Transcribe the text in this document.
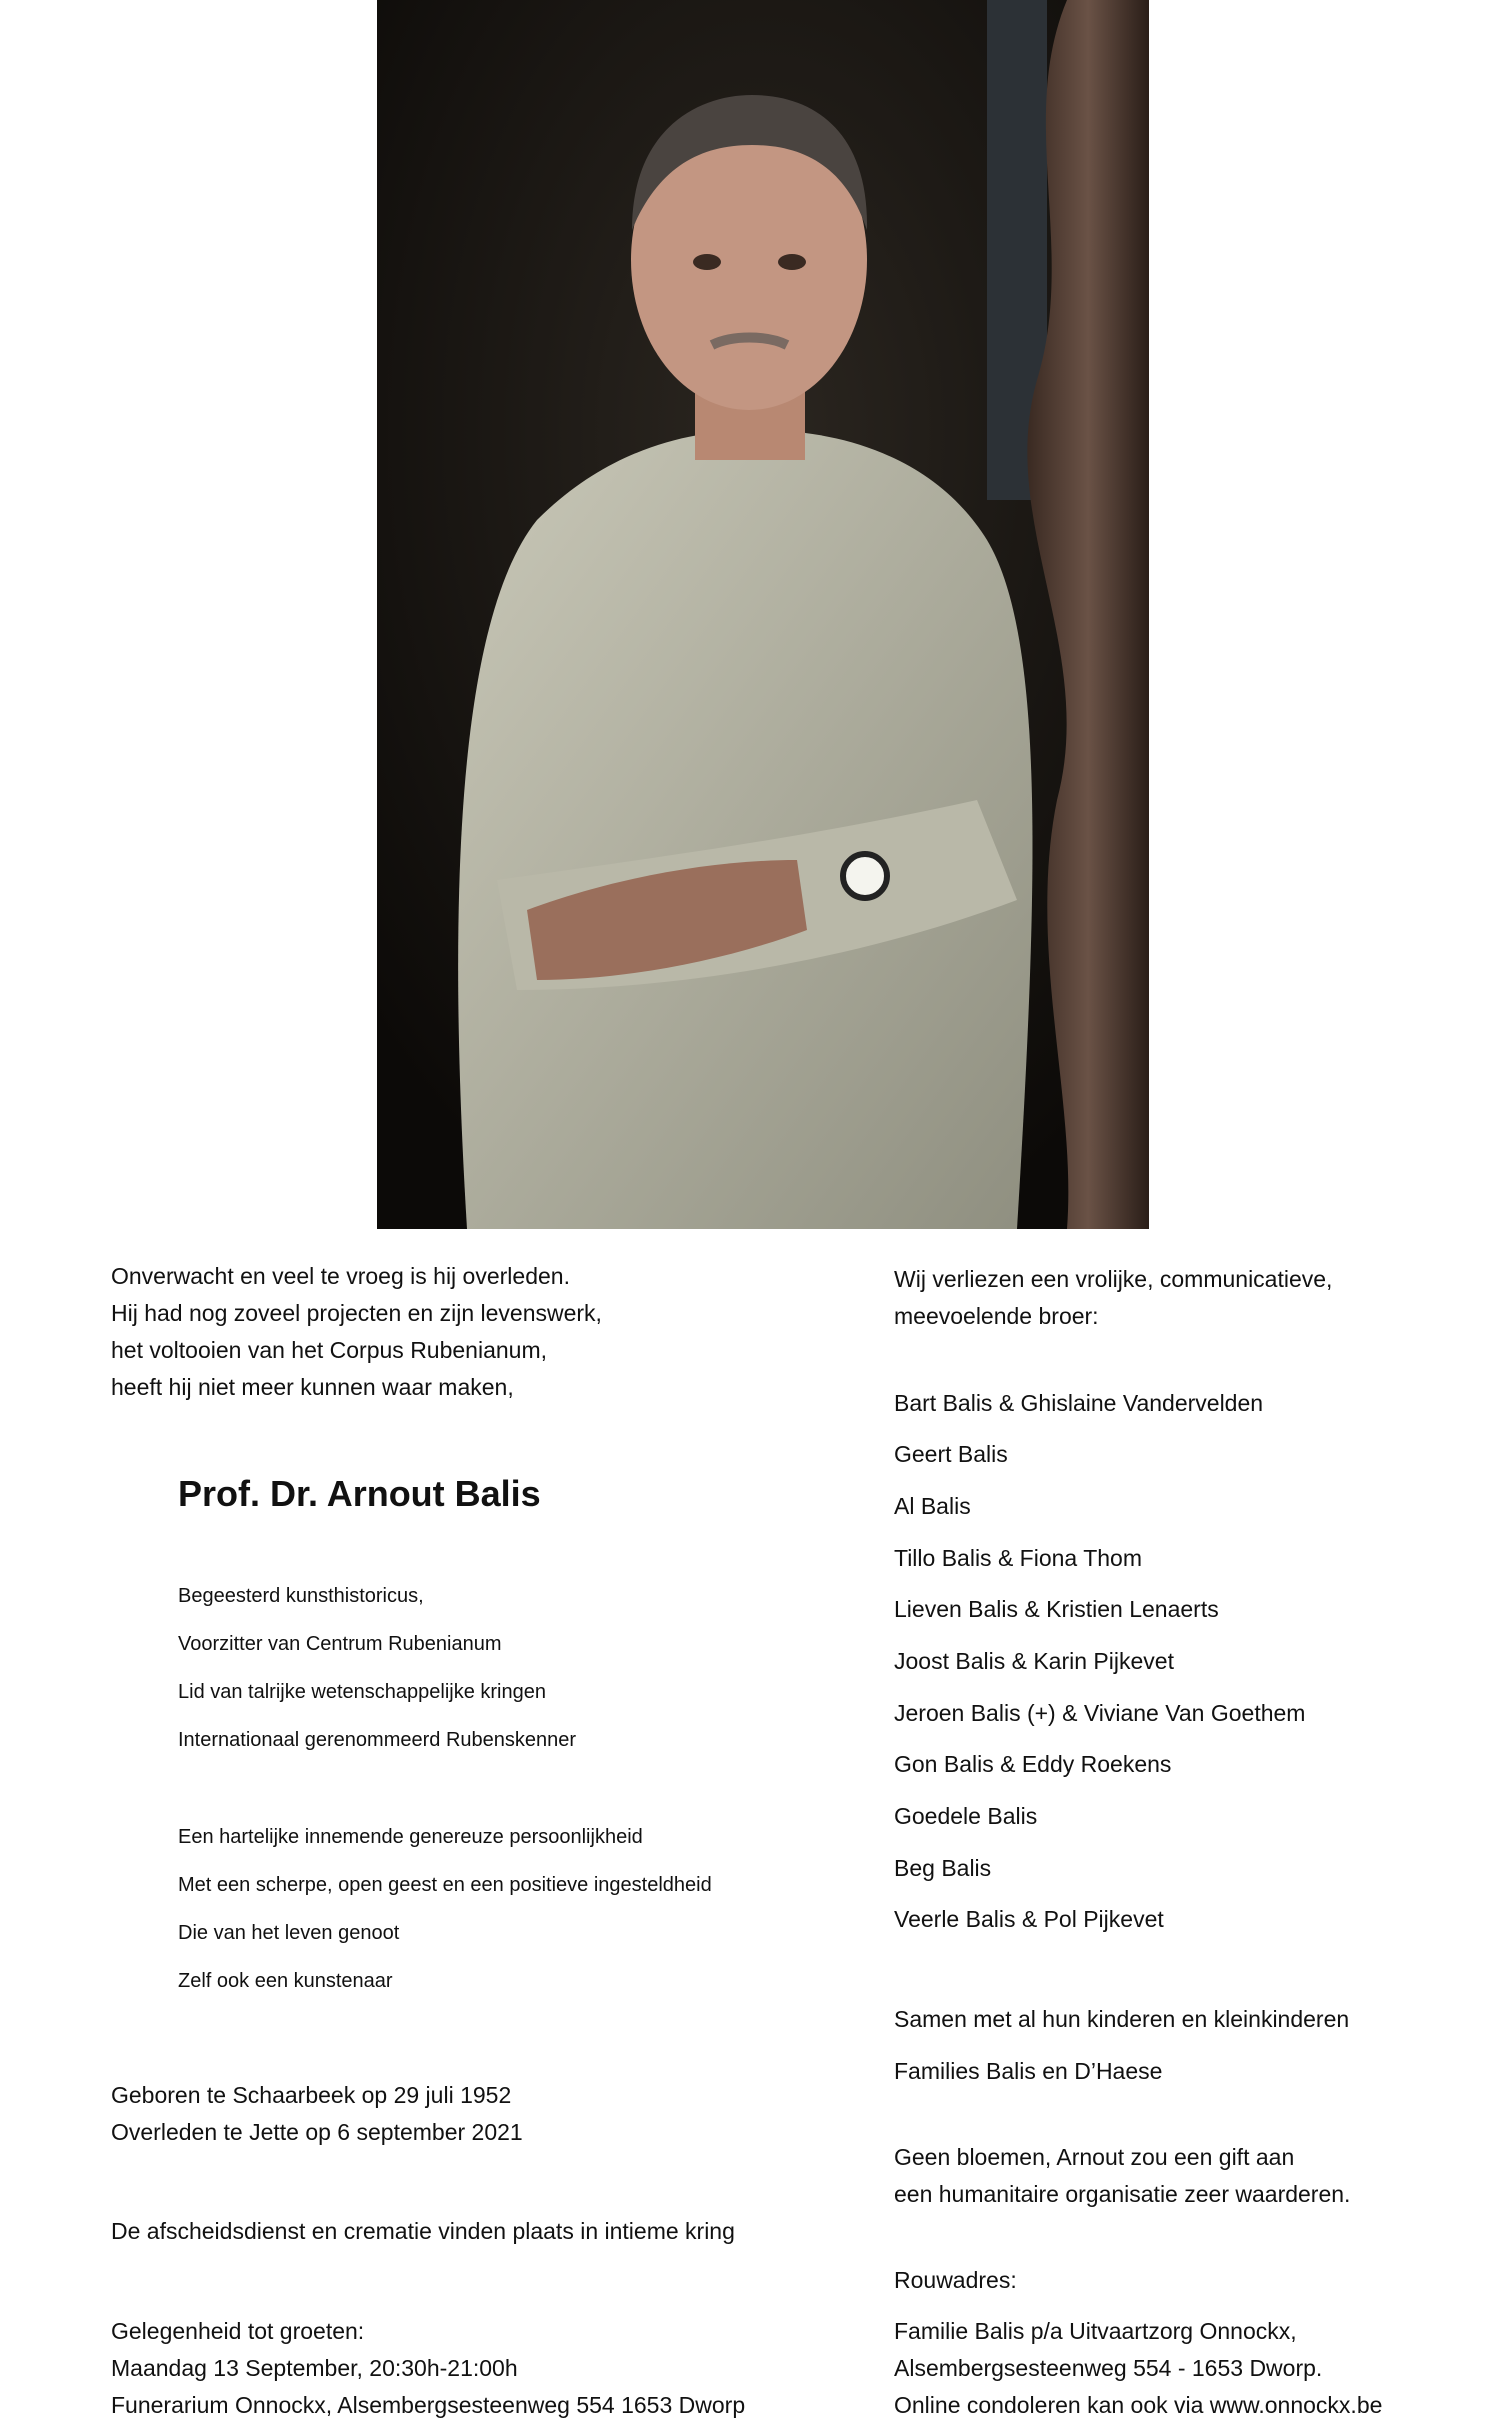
Onverwacht en veel te vroeg is hij overleden.

Hij had nog zoveel projecten en zijn levenswerk,

het voltooien van het Corpus Rubenianum,

heeft hij niet meer kunnen waar maken,

Prof. Dr. Arnout Balis
Begeesterd kunsthistoricus,
Voorzitter van Centrum Rubenianum
Lid van talrijke wetenschappelijke kringen
Internationaal gerenommeerd Rubenskenner
Een hartelijke innemende genereuze persoonlijkheid
Met een scherpe, open geest en een positieve ingesteldheid
Die van het leven genoot
Zelf ook een kunstenaar
Geboren te Schaarbeek op 29 juli 1952
Overleden te Jette op 6 september 2021
De afscheidsdienst en crematie vinden plaats in intieme kring
Gelegenheid tot groeten:
Maandag 13 September, 20:30h-21:00h
Funerarium Onnockx, Alsembergsesteenweg 554 1653 Dworp
Wij verliezen een vrolijke, communicatieve,
meevoelende broer:
Bart Balis & Ghislaine Vandervelden
Geert Balis
Al Balis
Tillo Balis & Fiona Thom
Lieven Balis & Kristien Lenaerts
Joost Balis & Karin Pijkevet
Jeroen Balis (+) & Viviane Van Goethem
Gon Balis & Eddy Roekens
Goedele Balis
Beg Balis
Veerle Balis & Pol Pijkevet
Samen met al hun kinderen en kleinkinderen
Families Balis en D’Haese
Geen bloemen, Arnout zou een gift aan
een humanitaire organisatie zeer waarderen.
Rouwadres:
Familie Balis p/a Uitvaartzorg Onnockx,
Alsembergsesteenweg 554 - 1653 Dworp.
Online condoleren kan ook via www.onnockx.be
